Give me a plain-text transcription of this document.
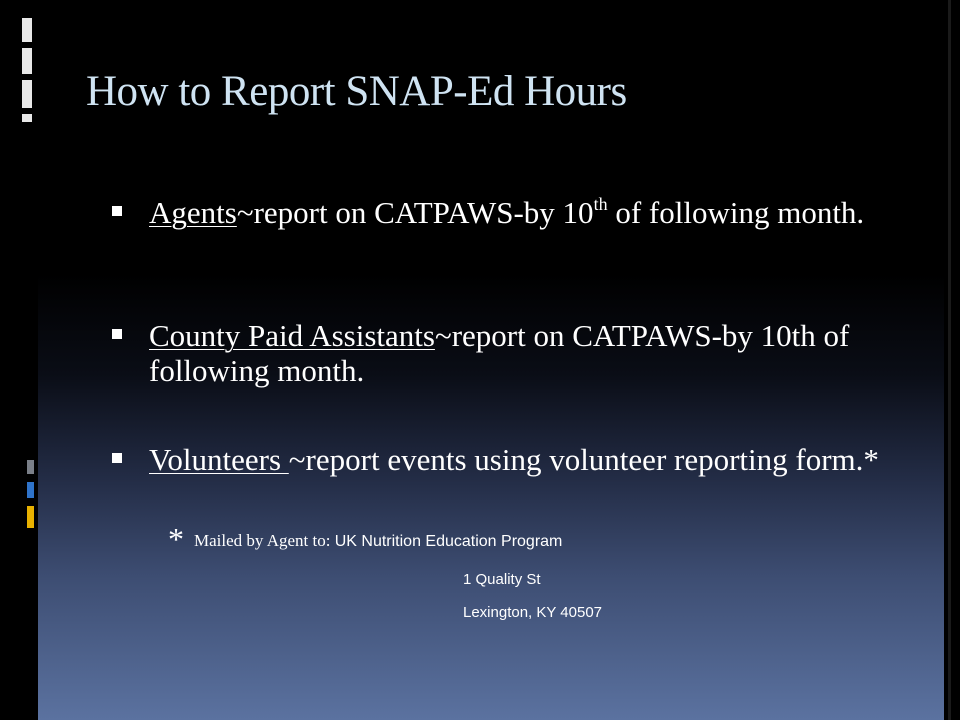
How to Report SNAP-Ed Hours
Agents~report on CATPAWS-by 10th of following month.
County Paid Assistants~report on CATPAWS-by 10th of following month.
Volunteers ~report events using volunteer reporting form.*
* Mailed by Agent to: UK Nutrition Education Program
1 Quality St
Lexington, KY 40507
